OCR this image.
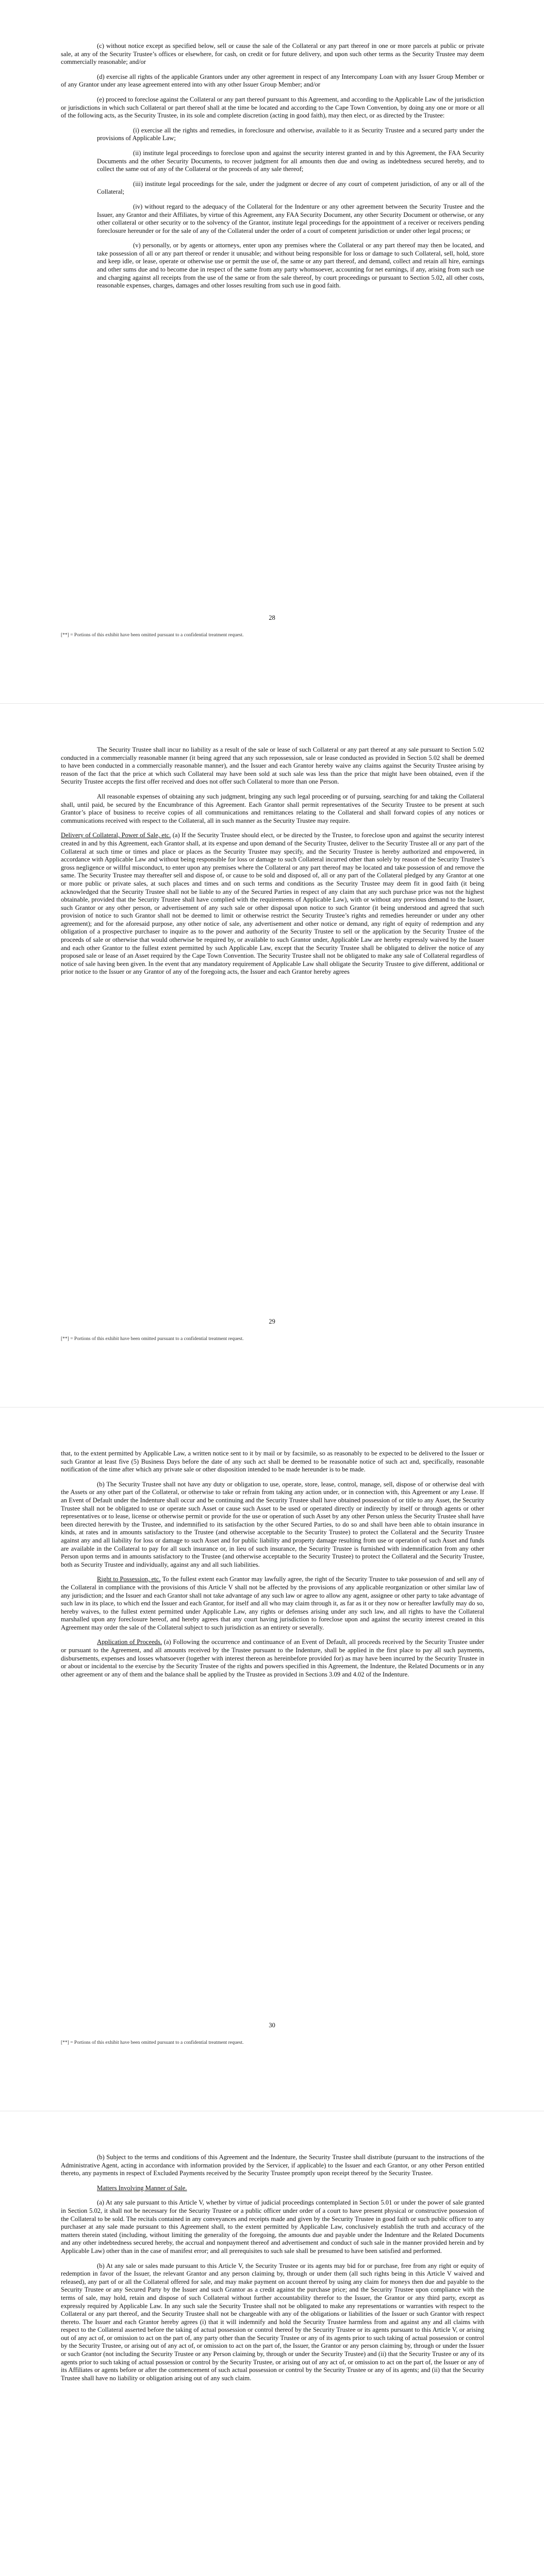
(c) without notice except as specified below, sell or cause the sale of the Collateral or any part thereof in one or more parcels at public or private sale, at any of the Security Trustee’s offices or elsewhere, for cash, on credit or for future delivery, and upon such other terms as the Security Trustee may deem commercially reasonable; and/or

(d) exercise all rights of the applicable Grantors under any other agreement in respect of any Intercompany Loan with any Issuer Group Member or of any Grantor under any lease agreement entered into with any other Issuer Group Member; and/or

(e) proceed to foreclose against the Collateral or any part thereof pursuant to this Agreement, and according to the Applicable Law of the jurisdiction or jurisdictions in which such Collateral or part thereof shall at the time be located and according to the Cape Town Convention, by doing any one or more or all of the following acts, as the Security Trustee, in its sole and complete discretion (acting in good faith), may then elect, or as directed by the Trustee:

(i) exercise all the rights and remedies, in foreclosure and otherwise, available to it as Security Trustee and a secured party under the provisions of Applicable Law;

(ii) institute legal proceedings to foreclose upon and against the security interest granted in and by this Agreement, the FAA Security Documents and the other Security Documents, to recover judgment for all amounts then due and owing as indebtedness secured hereby, and to collect the same out of any of the Collateral or the proceeds of any sale thereof;

(iii) institute legal proceedings for the sale, under the judgment or decree of any court of competent jurisdiction, of any or all of the Collateral;

(iv) without regard to the adequacy of the Collateral for the Indenture or any other agreement between the Security Trustee and the Issuer, any Grantor and their Affiliates, by virtue of this Agreement, any FAA Security Document, any other Security Document or otherwise, or any other collateral or other security or to the solvency of the Grantor, institute legal proceedings for the appointment of a receiver or receivers pending foreclosure hereunder or for the sale of any of the Collateral under the order of a court of competent jurisdiction or under other legal process; or

(v) personally, or by agents or attorneys, enter upon any premises where the Collateral or any part thereof may then be located, and take possession of all or any part thereof or render it unusable; and without being responsible for loss or damage to such Collateral, sell, hold, store and keep idle, or lease, operate or otherwise use or permit the use of, the same or any part thereof, and demand, collect and retain all hire, earnings and other sums due and to become due in respect of the same from any party whomsoever, accounting for net earnings, if any, arising from such use and charging against all receipts from the use of the same or from the sale thereof, by court proceedings or pursuant to Section 5.02, all other costs, reasonable expenses, charges, damages and other losses resulting from such use in good faith.

28
[**] = Portions of this exhibit have been omitted pursuant to a confidential treatment request.

The Security Trustee shall incur no liability as a result of the sale or lease of such Collateral or any part thereof at any sale pursuant to Section 5.02 conducted in a commercially reasonable manner (it being agreed that any such repossession, sale or lease conducted as provided in Section 5.02 shall be deemed to have been conducted in a commercially reasonable manner), and the Issuer and each Grantor hereby waive any claims against the Security Trustee arising by reason of the fact that the price at which such Collateral may have been sold at such sale was less than the price that might have been obtained, even if the Security Trustee accepts the first offer received and does not offer such Collateral to more than one Person.

All reasonable expenses of obtaining any such judgment, bringing any such legal proceeding or of pursuing, searching for and taking the Collateral shall, until paid, be secured by the Encumbrance of this Agreement. Each Grantor shall permit representatives of the Security Trustee to be present at such Grantor’s place of business to receive copies of all communications and remittances relating to the Collateral and shall forward copies of any notices or communications received with respect to the Collateral, all in such manner as the Security Trustee may require.

Delivery of Collateral, Power of Sale, etc. (a) If the Security Trustee should elect, or be directed by the Trustee, to foreclose upon and against the security interest created in and by this Agreement, each Grantor shall, at its expense and upon demand of the Security Trustee, deliver to the Security Trustee all or any part of the Collateral at such time or times and place or places as the Security Trustee may specify, and the Security Trustee is hereby authorized and empowered, in accordance with Applicable Law and without being responsible for loss or damage to such Collateral incurred other than solely by reason of the Security Trustee’s gross negligence or willful misconduct, to enter upon any premises where the Collateral or any part thereof may be located and take possession of and remove the same. The Security Trustee may thereafter sell and dispose of, or cause to be sold and disposed of, all or any part of the Collateral pledged by any Grantor at one or more public or private sales, at such places and times and on such terms and conditions as the Security Trustee may deem fit in good faith (it being acknowledged that the Security Trustee shall not be liable to any of the Secured Parties in respect of any claim that any such purchase price was not the highest obtainable, provided that the Security Trustee shall have complied with the requirements of Applicable Law), with or without any previous demand to the Issuer, such Grantor or any other person, or advertisement of any such sale or other disposal upon notice to such Grantor (it being understood and agreed that such provision of notice to such Grantor shall not be deemed to limit or otherwise restrict the Security Trustee’s rights and remedies hereunder or under any other agreement); and for the aforesaid purpose, any other notice of sale, any advertisement and other notice or demand, any right of equity of redemption and any obligation of a prospective purchaser to inquire as to the power and authority of the Security Trustee to sell or the application by the Security Trustee of the proceeds of sale or otherwise that would otherwise be required by, or available to such Grantor under, Applicable Law are hereby expressly waived by the Issuer and each other Grantor to the fullest extent permitted by such Applicable Law, except that the Security Trustee shall be obligated to deliver the notice of any proposed sale or lease of an Asset required by the Cape Town Convention. The Security Trustee shall not be obligated to make any sale of Collateral regardless of notice of sale having been given. In the event that any mandatory requirement of Applicable Law shall obligate the Security Trustee to give different, additional or prior notice to the Issuer or any Grantor of any of the foregoing acts, the Issuer and each Grantor hereby agrees

29
[**] = Portions of this exhibit have been omitted pursuant to a confidential treatment request.

that, to the extent permitted by Applicable Law, a written notice sent to it by mail or by facsimile, so as reasonably to be expected to be delivered to the Issuer or such Grantor at least five (5) Business Days before the date of any such act shall be deemed to be reasonable notice of such act and, specifically, reasonable notification of the time after which any private sale or other disposition intended to be made hereunder is to be made.

(b) The Security Trustee shall not have any duty or obligation to use, operate, store, lease, control, manage, sell, dispose of or otherwise deal with the Assets or any other part of the Collateral, or otherwise to take or refrain from taking any action under, or in connection with, this Agreement or any Lease. If an Event of Default under the Indenture shall occur and be continuing and the Security Trustee shall have obtained possession of or title to any Asset, the Security Trustee shall not be obligated to use or operate such Asset or cause such Asset to be used or operated directly or indirectly by itself or through agents or other representatives or to lease, license or otherwise permit or provide for the use or operation of such Asset by any other Person unless the Security Trustee shall have been directed herewith by the Trustee, and indemnified to its satisfaction by the other Secured Parties, to do so and shall have been able to obtain insurance in kinds, at rates and in amounts satisfactory to the Trustee (and otherwise acceptable to the Security Trustee) to protect the Collateral and the Security Trustee against any and all liability for loss or damage to such Asset and for public liability and property damage resulting from use or operation of such Asset and funds are available in the Collateral to pay for all such insurance or, in lieu of such insurance, the Security Trustee is furnished with indemnification from any other Person upon terms and in amounts satisfactory to the Trustee (and otherwise acceptable to the Security Trustee) to protect the Collateral and the Security Trustee, both as Security Trustee and individually, against any and all such liabilities.

Right to Possession, etc. To the fullest extent each Grantor may lawfully agree, the right of the Security Trustee to take possession of and sell any of the Collateral in compliance with the provisions of this Article V shall not be affected by the provisions of any applicable reorganization or other similar law of any jurisdiction; and the Issuer and each Grantor shall not take advantage of any such law or agree to allow any agent, assignee or other party to take advantage of such law in its place, to which end the Issuer and each Grantor, for itself and all who may claim through it, as far as it or they now or hereafter lawfully may do so, hereby waives, to the fullest extent permitted under Applicable Law, any rights or defenses arising under any such law, and all rights to have the Collateral marshalled upon any foreclosure hereof, and hereby agrees that any court having jurisdiction to foreclose upon and against the security interest created in this Agreement may order the sale of the Collateral subject to such jurisdiction as an entirety or severally.

Application of Proceeds. (a) Following the occurrence and continuance of an Event of Default, all proceeds received by the Security Trustee under or pursuant to the Agreement, and all amounts received by the Trustee pursuant to the Indenture, shall be applied in the first place to pay all such payments, disbursements, expenses and losses whatsoever (together with interest thereon as hereinbefore provided for) as may have been incurred by the Security Trustee in or about or incidental to the exercise by the Security Trustee of the rights and powers specified in this Agreement, the Indenture, the Related Documents or in any other agreement or any of them and the balance shall be applied by the Trustee as provided in Sections 3.09 and 4.02 of the Indenture.

30
[**] = Portions of this exhibit have been omitted pursuant to a confidential treatment request.

(b) Subject to the terms and conditions of this Agreement and the Indenture, the Security Trustee shall distribute (pursuant to the instructions of the Administrative Agent, acting in accordance with information provided by the Servicer, if applicable) to the Issuer and each Grantor, or any other Person entitled thereto, any payments in respect of Excluded Payments received by the Security Trustee promptly upon receipt thereof by the Security Trustee.

Matters Involving Manner of Sale.

(a) At any sale pursuant to this Article V, whether by virtue of judicial proceedings contemplated in Section 5.01 or under the power of sale granted in Section 5.02, it shall not be necessary for the Security Trustee or a public officer under order of a court to have present physical or constructive possession of the Collateral to be sold. The recitals contained in any conveyances and receipts made and given by the Security Trustee in good faith or such public officer to any purchaser at any sale made pursuant to this Agreement shall, to the extent permitted by Applicable Law, conclusively establish the truth and accuracy of the matters therein stated (including, without limiting the generality of the foregoing, the amounts due and payable under the Indenture and the Related Documents and any other indebtedness secured hereby, the accrual and nonpayment thereof and advertisement and conduct of such sale in the manner provided herein and by Applicable Law) other than in the case of manifest error; and all prerequisites to such sale shall be presumed to have been satisfied and performed.

(b) At any sale or sales made pursuant to this Article V, the Security Trustee or its agents may bid for or purchase, free from any right or equity of redemption in favor of the Issuer, the relevant Grantor and any person claiming by, through or under them (all such rights being in this Article V waived and released), any part of or all the Collateral offered for sale, and may make payment on account thereof by using any claim for moneys then due and payable to the Security Trustee or any Secured Party by the Issuer and such Grantor as a credit against the purchase price; and the Security Trustee upon compliance with the terms of sale, may hold, retain and dispose of such Collateral without further accountability therefor to the Issuer, the Grantor or any third party, except as expressly required by Applicable Law. In any such sale the Security Trustee shall not be obligated to make any representations or warranties with respect to the Collateral or any part thereof, and the Security Trustee shall not be chargeable with any of the obligations or liabilities of the Issuer or such Grantor with respect thereto. The Issuer and each Grantor hereby agrees (i) that it will indemnify and hold the Security Trustee harmless from and against any and all claims with respect to the Collateral asserted before the taking of actual possession or control thereof by the Security Trustee or its agents pursuant to this Article V, or arising out of any act of, or omission to act on the part of, any party other than the Security Trustee or any of its agents prior to such taking of actual possession or control by the Security Trustee, or arising out of any act of, or omission to act on the part of, the Issuer, the Grantor or any person claiming by, through or under the Issuer or such Grantor (not including the Security Trustee or any Person claiming by, through or under the Security Trustee) and (ii) that the Security Trustee or any of its agents prior to such taking of actual possession or control by the Security Trustee, or arising out of any act of, or omission to act on the part of, the Issuer or any of its Affiliates or agents before or after the commencement of such actual possession or control by the Security Trustee or any of its agents; and (ii) that the Security Trustee shall have no liability or obligation arising out of any such claim.
